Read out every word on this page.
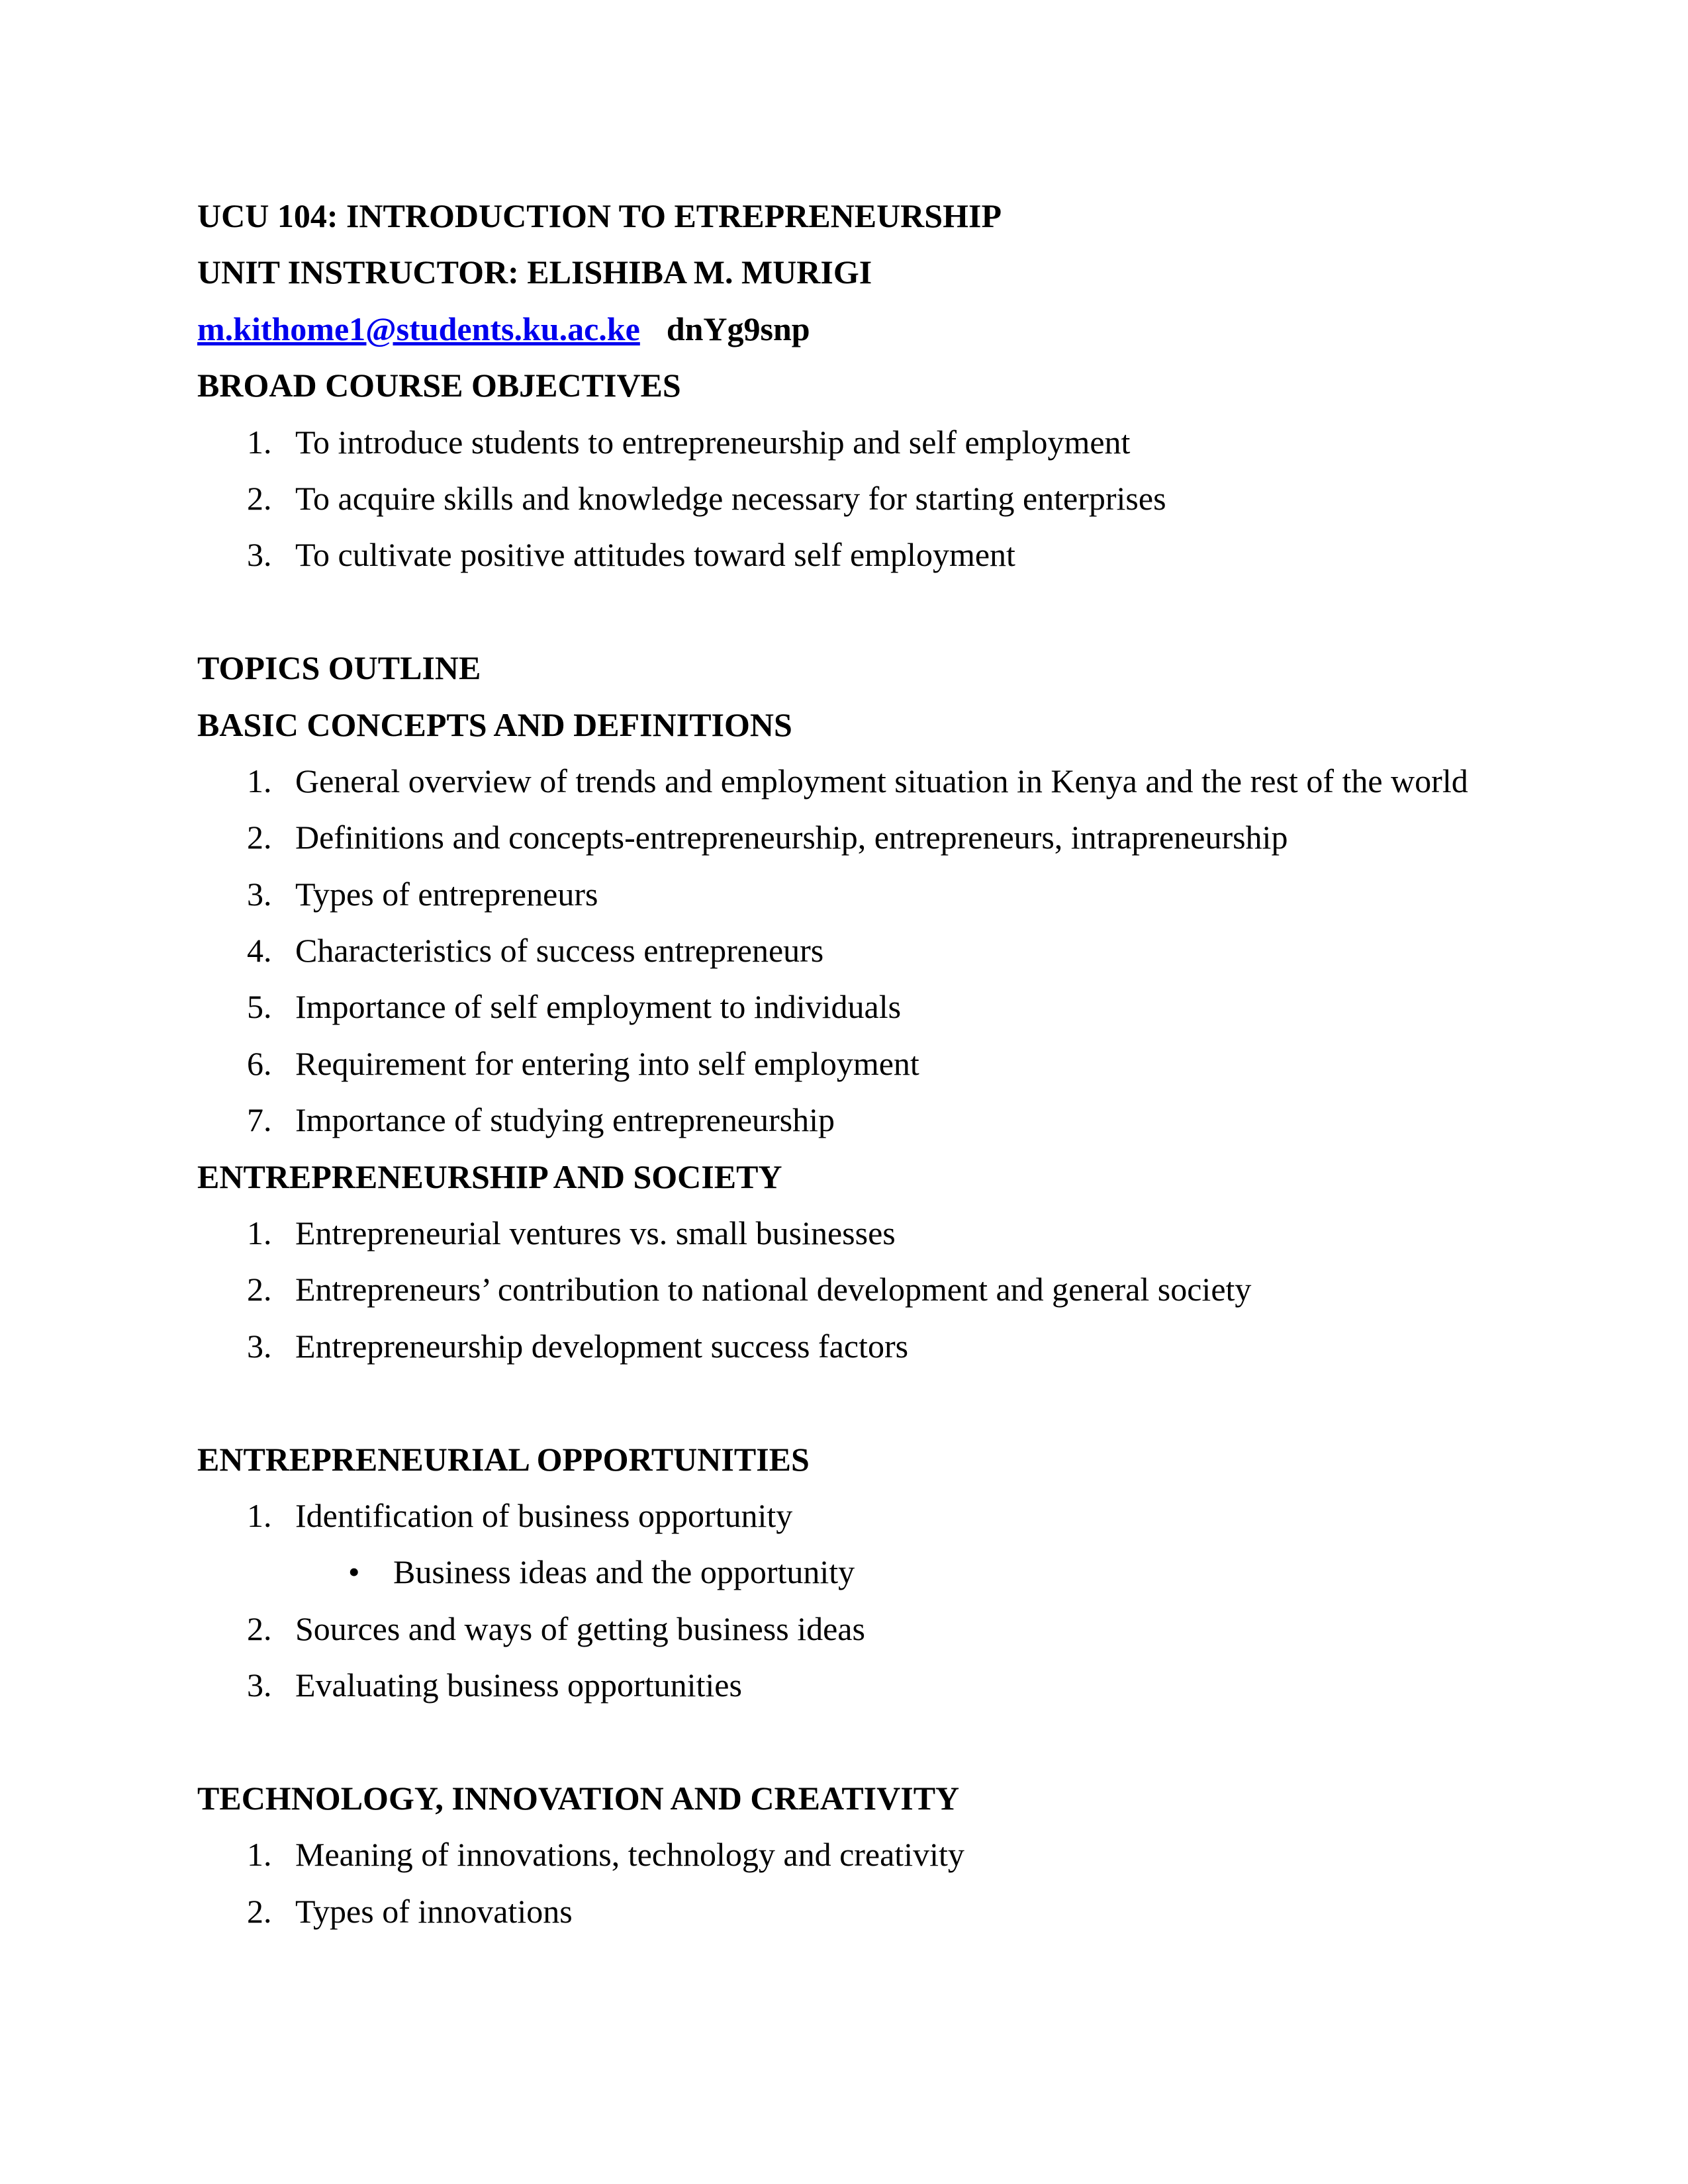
UCU 104: INTRODUCTION TO ETREPRENEURSHIP
UNIT INSTRUCTOR: ELISHIBA M. MURIGI
m.kithome1@students.ku.ac.ke dnYg9snp
BROAD COURSE OBJECTIVES
1. To introduce students to entrepreneurship and self employment
2. To acquire skills and knowledge necessary for starting enterprises
3. To cultivate positive attitudes toward self employment
TOPICS OUTLINE
BASIC CONCEPTS AND DEFINITIONS
1. General overview of trends and employment situation in Kenya and the rest of the world
2. Definitions and concepts-entrepreneurship, entrepreneurs, intrapreneurship
3. Types of entrepreneurs
4. Characteristics of success entrepreneurs
5. Importance of self employment to individuals
6. Requirement for entering into self employment
7. Importance of studying entrepreneurship
ENTREPRENEURSHIP AND SOCIETY
1. Entrepreneurial ventures vs. small businesses
2. Entrepreneurs’ contribution to national development and general society
3. Entrepreneurship development success factors
ENTREPRENEURIAL OPPORTUNITIES
1. Identification of business opportunity
• Business ideas and the opportunity
2. Sources and ways of getting business ideas
3. Evaluating business opportunities
TECHNOLOGY, INNOVATION AND CREATIVITY
1. Meaning of innovations, technology and creativity
2. Types of innovations
